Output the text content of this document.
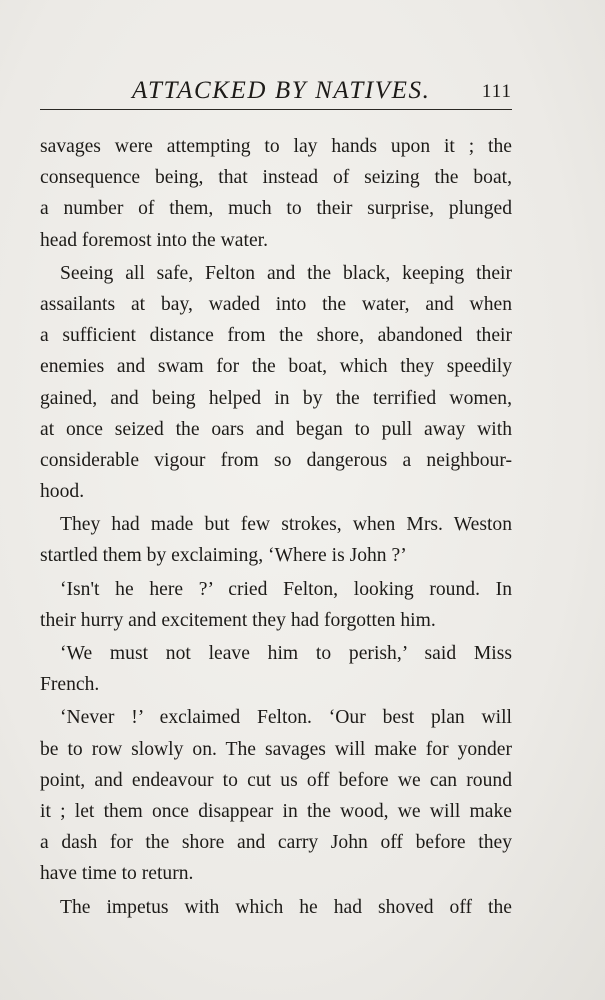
ATTACKED BY NATIVES.	111
savages were attempting to lay hands upon it ; the
consequence being, that instead of seizing the boat,
a number of them, much to their surprise, plunged
head foremost into the water.
Seeing all safe, Felton and the black, keeping their
assailants at bay, waded into the water, and when
a sufficient distance from the shore, abandoned their
enemies and swam for the boat, which they speedily
gained, and being helped in by the terrified women,
at once seized the oars and began to pull away with
considerable vigour from so dangerous a neighbour-
hood.
They had made but few strokes, when Mrs. Weston
startled them by exclaiming, ‘Where is John ?’
‘Isn't he here ?’ cried Felton, looking round. In
their hurry and excitement they had forgotten him.
‘We must not leave him to perish,’ said Miss
French.
‘Never !’ exclaimed Felton. ‘Our best plan will
be to row slowly on. The savages will make for yonder
point, and endeavour to cut us off before we can round
it ; let them once disappear in the wood, we will make
a dash for the shore and carry John off before they
have time to return.
The impetus with which he had shoved off the
